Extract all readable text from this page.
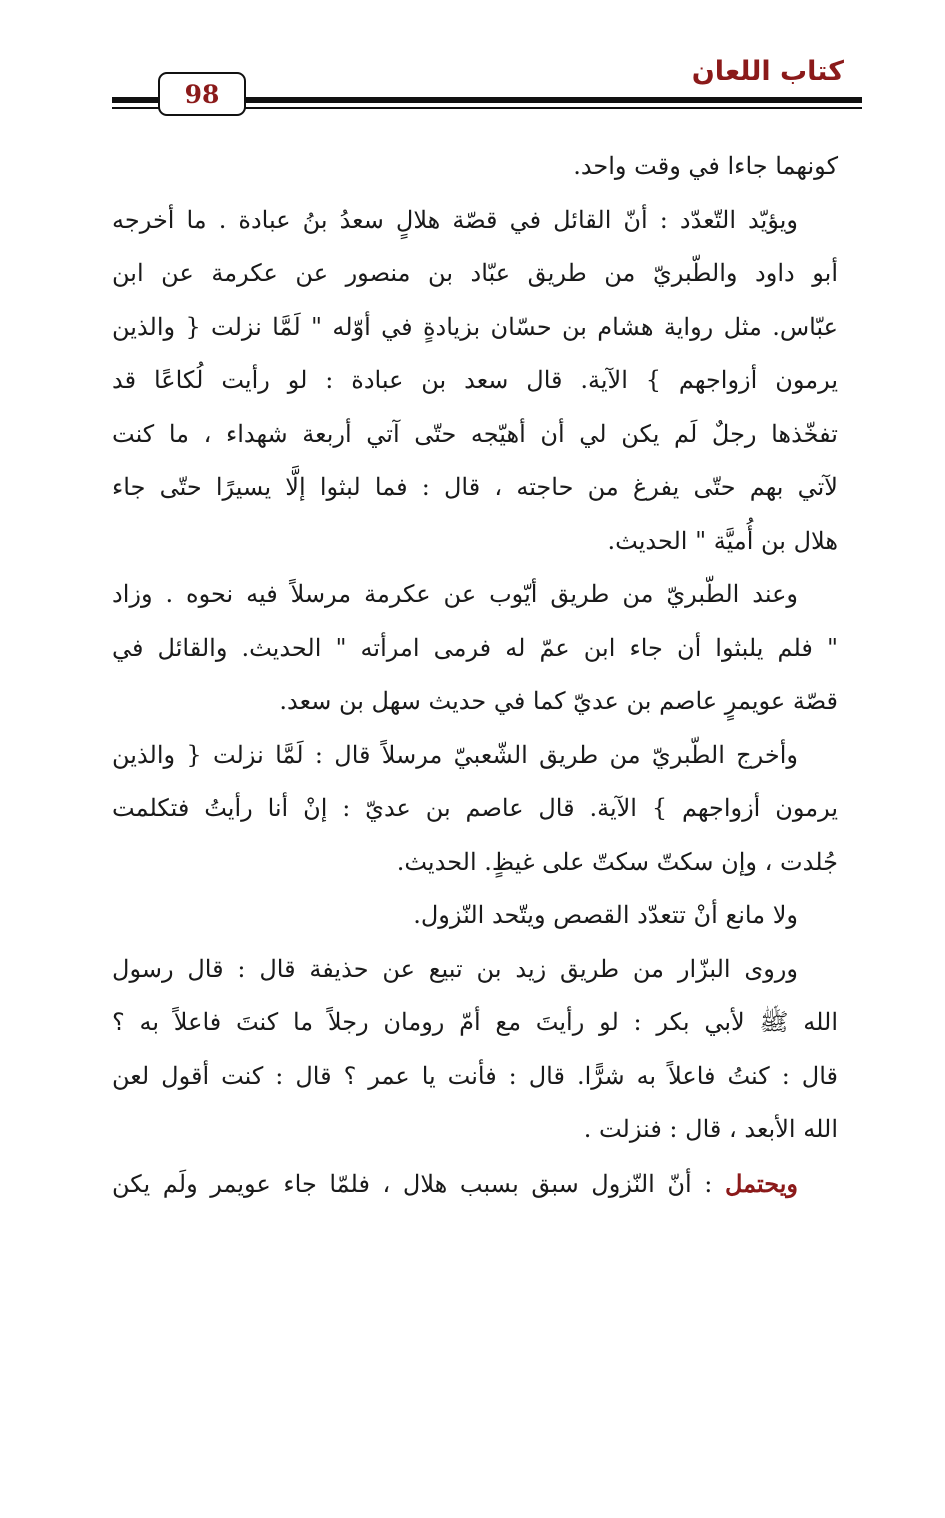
كتاب اللعان
98
كونهما جاءا في وقت واحد.
ويؤيّد التّعدّد : أنّ القائل في قصّة هلالٍ سعدُ بنُ عبادة . ما أخرجه
أبو داود والطّبريّ من طريق عبّاد بن منصور عن عكرمة عن ابن
عبّاس. مثل رواية هشام بن حسّان بزيادةٍ في أوّله " لَمَّا نزلت { والذين
يرمون أزواجهم } الآية. قال سعد بن عبادة : لو رأيت لُكاعًا قد
تفخّذها رجلٌ لَم يكن لي أن أهيّجه حتّى آتي أربعة شهداء ، ما كنت
لآتي بهم حتّى يفرغ من حاجته ، قال : فما لبثوا إلَّا يسيرًا حتّى جاء
هلال بن أُميَّة " الحديث.
وعند الطّبريّ من طريق أيّوب عن عكرمة مرسلاً فيه نحوه . وزاد
" فلم يلبثوا أن جاء ابن عمّ له فرمى امرأته " الحديث. والقائل في
قصّة عويمرٍ عاصم بن عديّ كما في حديث سهل بن سعد.
وأخرج الطّبريّ من طريق الشّعبيّ مرسلاً قال : لَمَّا نزلت { والذين
يرمون أزواجهم } الآية. قال عاصم بن عديّ : إنْ أنا رأيتُ فتكلمت
جُلدت ، وإن سكتّ سكتّ على غيظٍ. الحديث.
ولا مانع أنْ تتعدّد القصص ويتّحد النّزول.
وروى البزّار من طريق زيد بن تبيع عن حذيفة قال : قال رسول
الله ﷺ لأبي بكر : لو رأيتَ مع أمّ رومان رجلاً ما كنتَ فاعلاً به ؟
قال : كنتُ فاعلاً به شرًّا. قال : فأنت يا عمر ؟ قال : كنت أقول لعن
الله الأبعد ، قال : فنزلت .
ويحتمل : أنّ النّزول سبق بسبب هلال ، فلمّا جاء عويمر ولَم يكن
